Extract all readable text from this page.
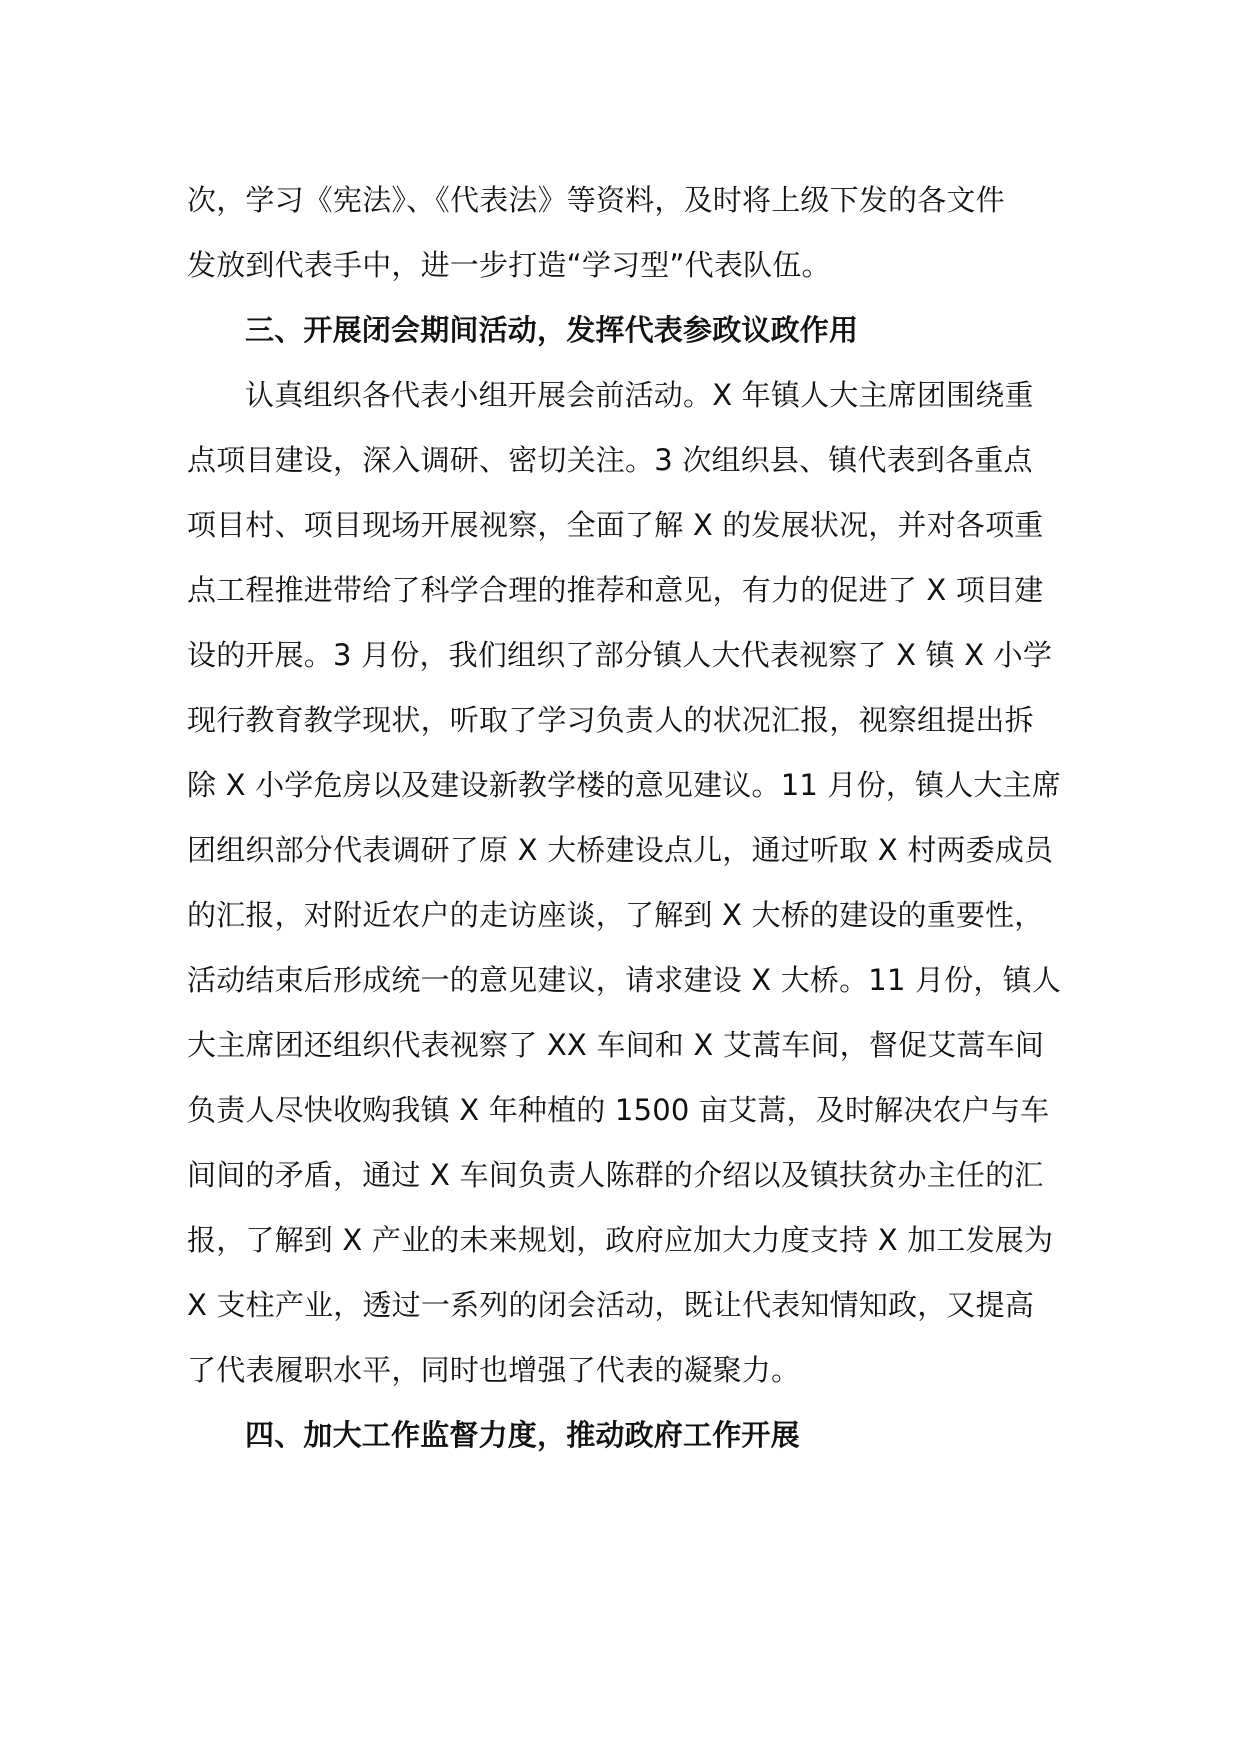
次，学习《宪法》、《代表法》等资料，及时将上级下发的各文件
发放到代表手中，进一步打造“学习型”代表队伍。
三、开展闭会期间活动，发挥代表参政议政作用
认真组织各代表小组开展会前活动。X 年镇人大主席团围绕重
点项目建设，深入调研、密切关注。3 次组织县、镇代表到各重点
项目村、项目现场开展视察，全面了解 X 的发展状况，并对各项重
点工程推进带给了科学合理的推荐和意见，有力的促进了 X 项目建
设的开展。3 月份，我们组织了部分镇人大代表视察了 X 镇 X 小学
现行教育教学现状，听取了学习负责人的状况汇报，视察组提出拆
除 X 小学危房以及建设新教学楼的意见建议。11 月份，镇人大主席
团组织部分代表调研了原 X 大桥建设点儿，通过听取 X 村两委成员
的汇报，对附近农户的走访座谈，了解到 X 大桥的建设的重要性，
活动结束后形成统一的意见建议，请求建设 X 大桥。11 月份，镇人
大主席团还组织代表视察了 XX 车间和 X 艾蒿车间，督促艾蒿车间
负责人尽快收购我镇 X 年种植的 1500 亩艾蒿，及时解决农户与车
间间的矛盾，通过 X 车间负责人陈群的介绍以及镇扶贫办主任的汇
报，了解到 X 产业的未来规划，政府应加大力度支持 X 加工发展为
X 支柱产业，透过一系列的闭会活动，既让代表知情知政，又提高
了代表履职水平，同时也增强了代表的凝聚力。
四、加大工作监督力度，推动政府工作开展
